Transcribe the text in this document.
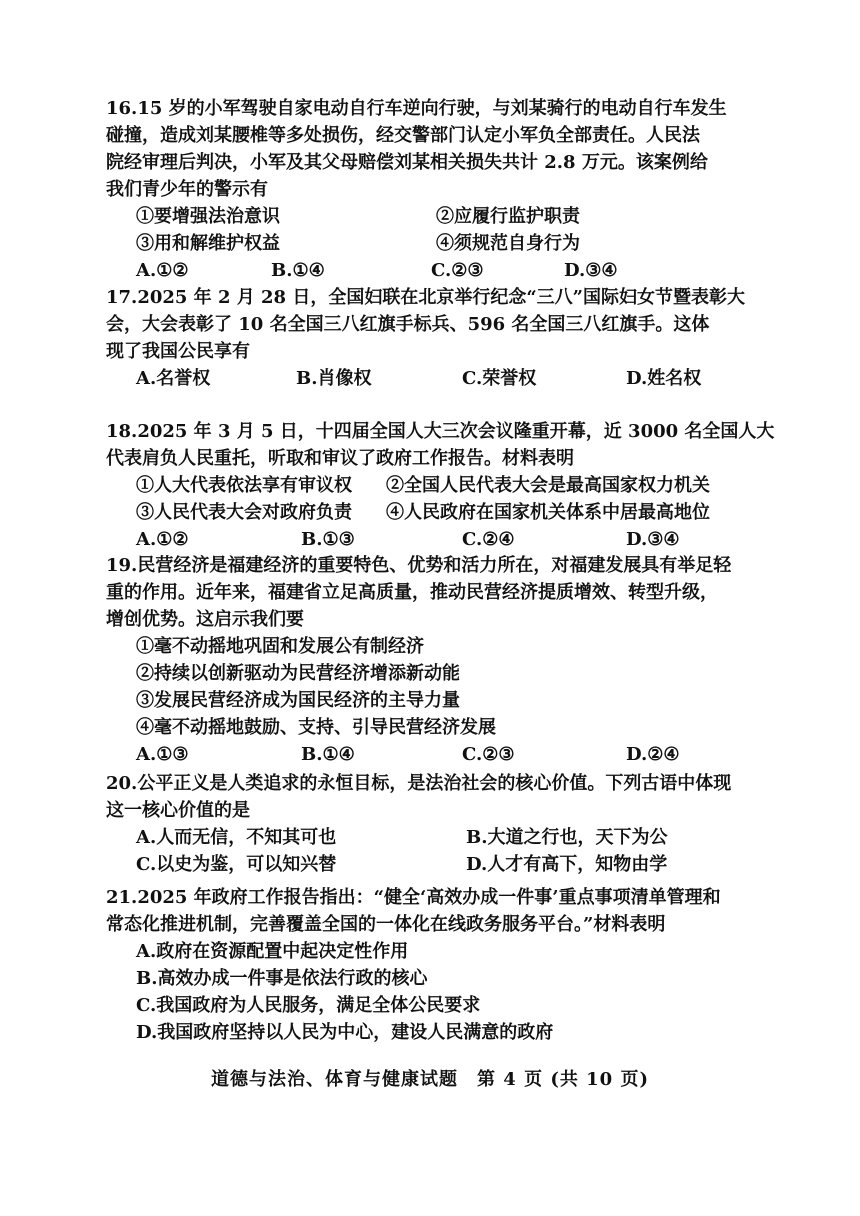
16.15 岁的小军驾驶自家电动自行车逆向行驶，与刘某骑行的电动自行车发生
碰撞，造成刘某腰椎等多处损伤，经交警部门认定小军负全部责任。人民法
院经审理后判决，小军及其父母赔偿刘某相关损失共计 2.8 万元。该案例给
我们青少年的警示有
①要增强法治意识	②应履行监护职责
③用和解维护权益	④须规范自身行为
A.①②	B.①④	C.②③	D.③④
17.2025 年 2 月 28 日，全国妇联在北京举行纪念“三八”国际妇女节暨表彰大
会，大会表彰了 10 名全国三八红旗手标兵、596 名全国三八红旗手。这体
现了我国公民享有
A.名誉权	B.肖像权	C.荣誉权	D.姓名权
18.2025 年 3 月 5 日，十四届全国人大三次会议隆重开幕，近 3000 名全国人大
代表肩负人民重托，听取和审议了政府工作报告。材料表明
①人大代表依法享有审议权 ②全国人民代表大会是最高国家权力机关
③人民代表大会对政府负责 ④人民政府在国家机关体系中居最高地位
A.①②	B.①③	C.②④	D.③④
19.民营经济是福建经济的重要特色、优势和活力所在，对福建发展具有举足轻
重的作用。近年来，福建省立足高质量，推动民营经济提质增效、转型升级，
增创优势。这启示我们要
①毫不动摇地巩固和发展公有制经济
②持续以创新驱动为民营经济增添新动能
③发展民营经济成为国民经济的主导力量
④毫不动摇地鼓励、支持、引导民营经济发展
A.①③	B.①④	C.②③	D.②④
20.公平正义是人类追求的永恒目标，是法治社会的核心价值。下列古语中体现
这一核心价值的是
A.人而无信，不知其可也	B.大道之行也，天下为公
C.以史为鉴，可以知兴替	D.人才有高下，知物由学
21.2025 年政府工作报告指出：“健全‘高效办成一件事’重点事项清单管理和
常态化推进机制，完善覆盖全国的一体化在线政务服务平台。”材料表明
A.政府在资源配置中起决定性作用
B.高效办成一件事是依法行政的核心
C.我国政府为人民服务，满足全体公民要求
D.我国政府坚持以人民为中心，建设人民满意的政府
道德与法治、体育与健康试题　第 4 页 (共 10 页)
